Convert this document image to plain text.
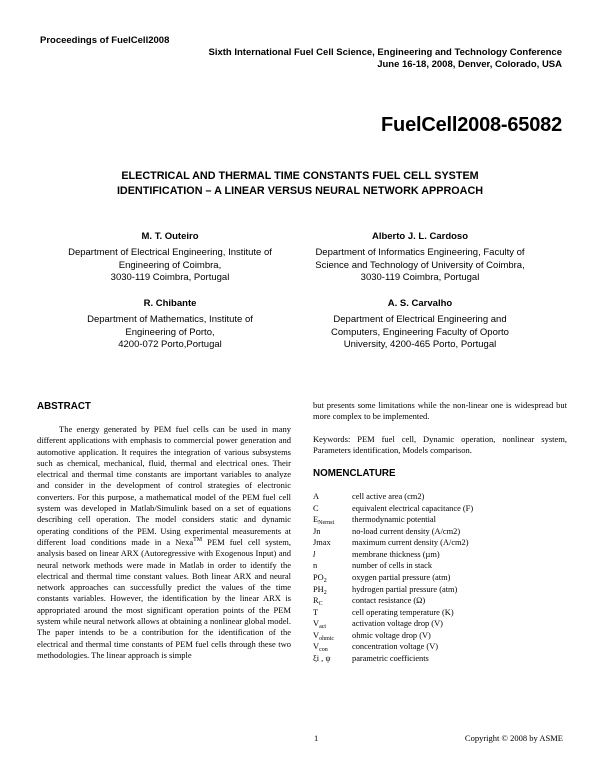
Proceedings of FuelCell2008
Sixth International Fuel Cell Science, Engineering and Technology Conference
June 16-18, 2008, Denver, Colorado, USA
FuelCell2008-65082
ELECTRICAL AND THERMAL TIME CONSTANTS FUEL CELL SYSTEM
IDENTIFICATION – A LINEAR VERSUS NEURAL NETWORK APPROACH
M. T. Outeiro
Department of Electrical Engineering, Institute of
Engineering of Coimbra,
3030-119 Coimbra, Portugal
Alberto J. L. Cardoso
Department of Informatics Engineering, Faculty of
Science and Technology of University of Coimbra,
3030-119 Coimbra, Portugal
R. Chibante
Department of Mathematics, Institute of
Engineering of Porto,
4200-072 Porto,Portugal
A. S. Carvalho
Department of Electrical Engineering and
Computers, Engineering Faculty of Oporto
University, 4200-465 Porto, Portugal
ABSTRACT

The energy generated by PEM fuel cells can be used in many different applications with emphasis to commercial power generation and automotive application. It requires the integration of various subsystems such as chemical, mechanical, fluid, thermal and electrical ones. Their electrical and thermal time constants are important variables to analyze and consider in the development of control strategies of electronic converters. For this purpose, a mathematical model of the PEM fuel cell system was developed in Matlab/Simulink based on a set of equations describing cell operation. The model considers static and dynamic operating conditions of the PEM. Using experimental measurements at different load conditions made in a Nexa™ PEM fuel cell system, analysis based on linear ARX (Autoregressive with Exogenous Input) and neural network methods were made in Matlab in order to identify the electrical and thermal time constant values. Both linear ARX and neural network approaches can successfully predict the values of the time constants variables. However, the identification by the linear ARX is appropriated around the most significant operation points of the PEM system while neural network allows at obtaining a nonlinear global model. The paper intends to be a contribution for the identification of the electrical and thermal time constants of PEM fuel cells through these two methodologies. The linear approach is simple

but presents some limitations while the non-linear one is widespread but more complex to be implemented.
Keywords: PEM fuel cell, Dynamic operation, nonlinear system, Parameters identification, Models comparison.
NOMENCLATURE
A	cell active area (cm2)
C	equivalent electrical capacitance (F)
$E_{Nernst}$	thermodynamic potential
Jn	no-load current density (A/cm2)
Jmax	maximum current density (A/cm2)
l	membrane thickness (µm)
n	number of cells in stack
$PO_2$	oxygen partial pressure (atm)
$PH_2$	hydrogen partial pressure (atm)
$R_C$	contact resistance (Ω)
T	cell operating temperature (K)
$V_{act}$	activation voltage drop (V)
$V_{ohmic}$	ohmic voltage drop (V)
$V_{con}$	concentration voltage (V)
ξi , ψ	parametric coefficients
1	Copyright © 2008 by ASME
